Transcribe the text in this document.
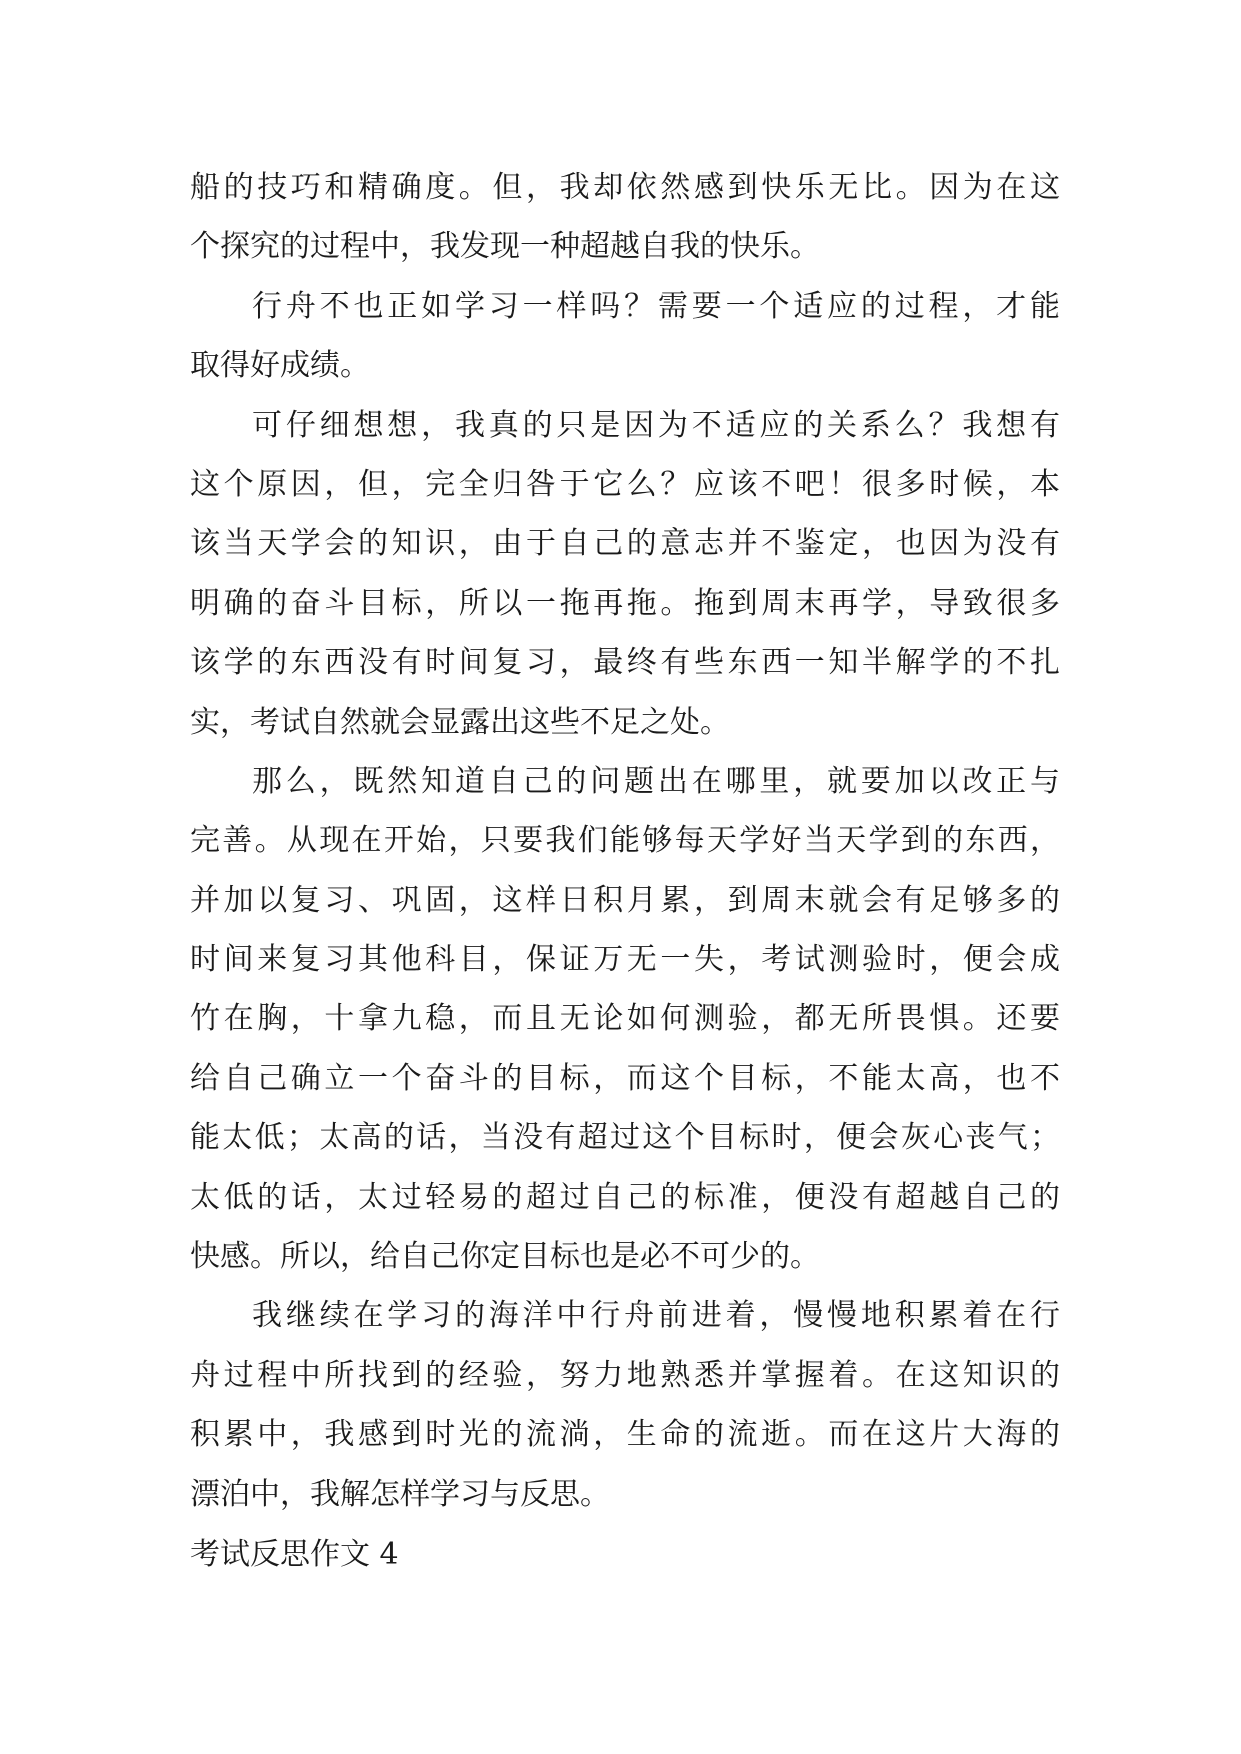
船的技巧和精确度。但，我却依然感到快乐无比。因为在这
个探究的过程中，我发现一种超越自我的快乐。
行舟不也正如学习一样吗？需要一个适应的过程，才能
取得好成绩。
可仔细想想，我真的只是因为不适应的关系么？我想有
这个原因，但，完全归咎于它么？应该不吧！很多时候，本
该当天学会的知识，由于自己的意志并不鉴定，也因为没有
明确的奋斗目标，所以一拖再拖。拖到周末再学，导致很多
该学的东西没有时间复习，最终有些东西一知半解学的不扎
实，考试自然就会显露出这些不足之处。
那么，既然知道自己的问题出在哪里，就要加以改正与
完善。从现在开始，只要我们能够每天学好当天学到的东西，
并加以复习、巩固，这样日积月累，到周末就会有足够多的
时间来复习其他科目，保证万无一失，考试测验时，便会成
竹在胸，十拿九稳，而且无论如何测验，都无所畏惧。还要
给自己确立一个奋斗的目标，而这个目标，不能太高，也不
能太低；太高的话，当没有超过这个目标时，便会灰心丧气；
太低的话，太过轻易的超过自己的标准，便没有超越自己的
快感。所以，给自己你定目标也是必不可少的。
我继续在学习的海洋中行舟前进着，慢慢地积累着在行
舟过程中所找到的经验，努力地熟悉并掌握着。在这知识的
积累中，我感到时光的流淌，生命的流逝。而在这片大海的
漂泊中，我解怎样学习与反思。
考试反思作文 4
